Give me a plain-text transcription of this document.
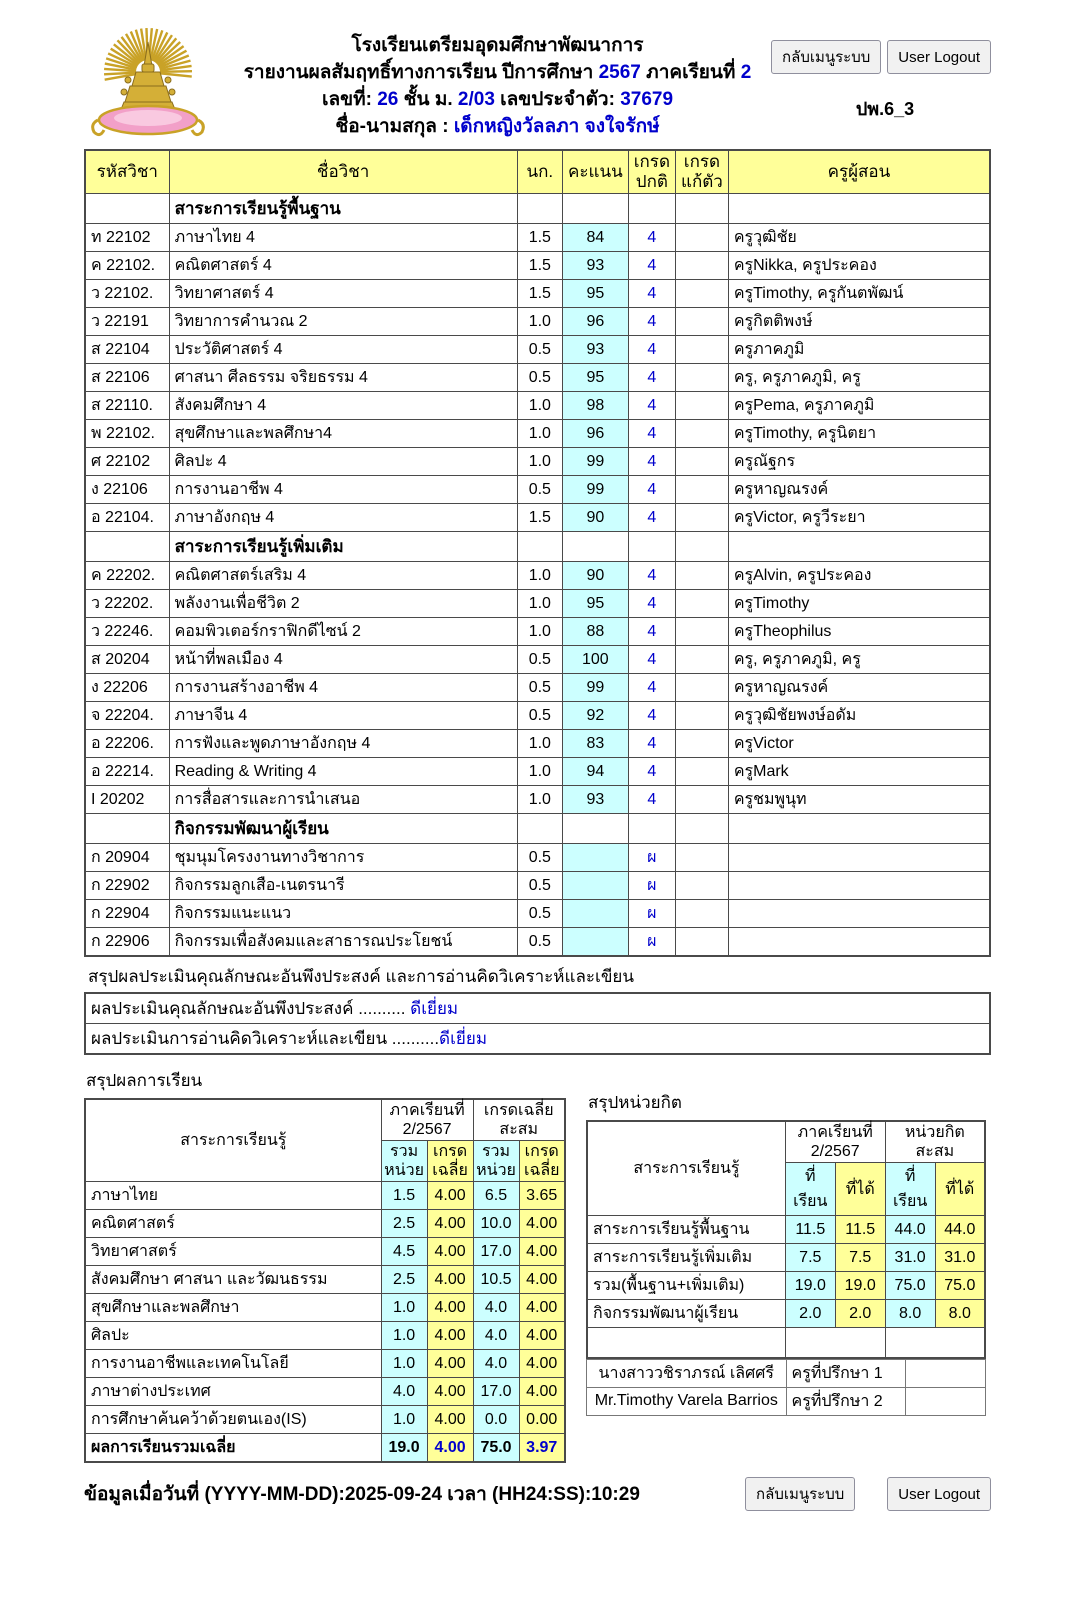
โรงเรียนเตรียมอุดมศึกษาพัฒนาการ
รายงานผลสัมฤทธิ์ทางการเรียน ปีการศึกษา 2567 ภาคเรียนที่ 2
เลขที่: 26 ชั้น ม. 2/03 เลขประจำตัว: 37679
ชื่อ-นามสกุล : เด็กหญิงวัลลภา จงใจรักษ์
กลับเมนูระบบ	User Logout
ปพ.6_3
รหัสวิชา	ชื่อวิชา	นก.	คะแนน	เกรด ปกติ	เกรด แก้ตัว	ครูผู้สอน
	สาระการเรียนรู้พื้นฐาน					
ท 22102	ภาษาไทย 4	1.5	84	4		ครูวุฒิชัย
ค 22102.	คณิตศาสตร์ 4	1.5	93	4		ครูNikka, ครูประคอง
ว 22102.	วิทยาศาสตร์ 4	1.5	95	4		ครูTimothy, ครูกันตพัฒน์
ว 22191	วิทยาการคำนวณ 2	1.0	96	4		ครูกิตติพงษ์
ส 22104	ประวัติศาสตร์ 4	0.5	93	4		ครูภาคภูมิ
ส 22106	ศาสนา ศีลธรรม จริยธรรม 4	0.5	95	4		ครู, ครูภาคภูมิ, ครู
ส 22110.	สังคมศึกษา 4	1.0	98	4		ครูPema, ครูภาคภูมิ
พ 22102.	สุขศึกษาและพลศึกษา4	1.0	96	4		ครูTimothy, ครูนิตยา
ศ 22102	ศิลปะ 4	1.0	99	4		ครูณัฐกร
ง 22106	การงานอาชีพ 4	0.5	99	4		ครูหาญณรงค์
อ 22104.	ภาษาอังกฤษ 4	1.5	90	4		ครูVictor, ครูวีระยา
	สาระการเรียนรู้เพิ่มเติม					
ค 22202.	คณิตศาสตร์เสริม 4	1.0	90	4		ครูAlvin, ครูประคอง
ว 22202.	พลังงานเพื่อชีวิต 2	1.0	95	4		ครูTimothy
ว 22246.	คอมพิวเตอร์กราฟิกดีไซน์ 2	1.0	88	4		ครูTheophilus
ส 20204	หน้าที่พลเมือง 4	0.5	100	4		ครู, ครูภาคภูมิ, ครู
ง 22206	การงานสร้างอาชีพ 4	0.5	99	4		ครูหาญณรงค์
จ 22204.	ภาษาจีน 4	0.5	92	4		ครูวุฒิชัยพงษ์อดัม
อ 22206.	การฟังและพูดภาษาอังกฤษ 4	1.0	83	4		ครูVictor
อ 22214.	Reading & Writing 4	1.0	94	4		ครูMark
I 20202	การสื่อสารและการนำเสนอ	1.0	93	4		ครูชมพูนุท
	กิจกรรมพัฒนาผู้เรียน					
ก 20904	ชุมนุมโครงงานทางวิชาการ	0.5		ผ		
ก 22902	กิจกรรมลูกเสือ-เนตรนารี	0.5		ผ		
ก 22904	กิจกรรมแนะแนว	0.5		ผ		
ก 22906	กิจกรรมเพื่อสังคมและสาธารณประโยชน์	0.5		ผ		
สรุปผลประเมินคุณลักษณะอันพึงประสงค์ และการอ่านคิดวิเคราะห์และเขียน
ผลประเมินคุณลักษณะอันพึงประสงค์ .......... ดีเยี่ยม
ผลประเมินการอ่านคิดวิเคราะห์และเขียน ..........ดีเยี่ยม
สรุปผลการเรียน
สาระการเรียนรู้	ภาคเรียนที่ 2/2567		เกรดเฉลี่ย สะสม	
	รวม หน่วย	เกรด เฉลี่ย	รวม หน่วย	เกรด เฉลี่ย
ภาษาไทย	1.5	4.00	6.5	3.65
คณิตศาสตร์	2.5	4.00	10.0	4.00
วิทยาศาสตร์	4.5	4.00	17.0	4.00
สังคมศึกษา ศาสนา และวัฒนธรรม	2.5	4.00	10.5	4.00
สุขศึกษาและพลศึกษา	1.0	4.00	4.0	4.00
ศิลปะ	1.0	4.00	4.0	4.00
การงานอาชีพและเทคโนโลยี	1.0	4.00	4.0	4.00
ภาษาต่างประเทศ	4.0	4.00	17.0	4.00
การศึกษาค้นคว้าด้วยตนเอง(IS)	1.0	4.00	0.0	0.00
ผลการเรียนรวมเฉลี่ย	19.0	4.00	75.0	3.97
สรุปหน่วยกิต
สาระการเรียนรู้	ภาคเรียนที่ 2/2567		หน่วยกิตสะสม	
	ที่เรียน	ที่ได้	ที่เรียน	ที่ได้
สาระการเรียนรู้พื้นฐาน	11.5	11.5	44.0	44.0
สาระการเรียนรู้เพิ่มเติม	7.5	7.5	31.0	31.0
รวม(พื้นฐาน+เพิ่มเติม)	19.0	19.0	75.0	75.0
กิจกรรมพัฒนาผู้เรียน	2.0	2.0	8.0	8.0

นางสาววชิราภรณ์ เลิศศรี	ครูที่ปรึกษา 1	
Mr.Timothy Varela Barrios	ครูที่ปรึกษา 2	
ข้อมูลเมื่อวันที่ (YYYY-MM-DD):2025-09-24 เวลา (HH24:SS):10:29	กลับเมนูระบบ	User Logout
